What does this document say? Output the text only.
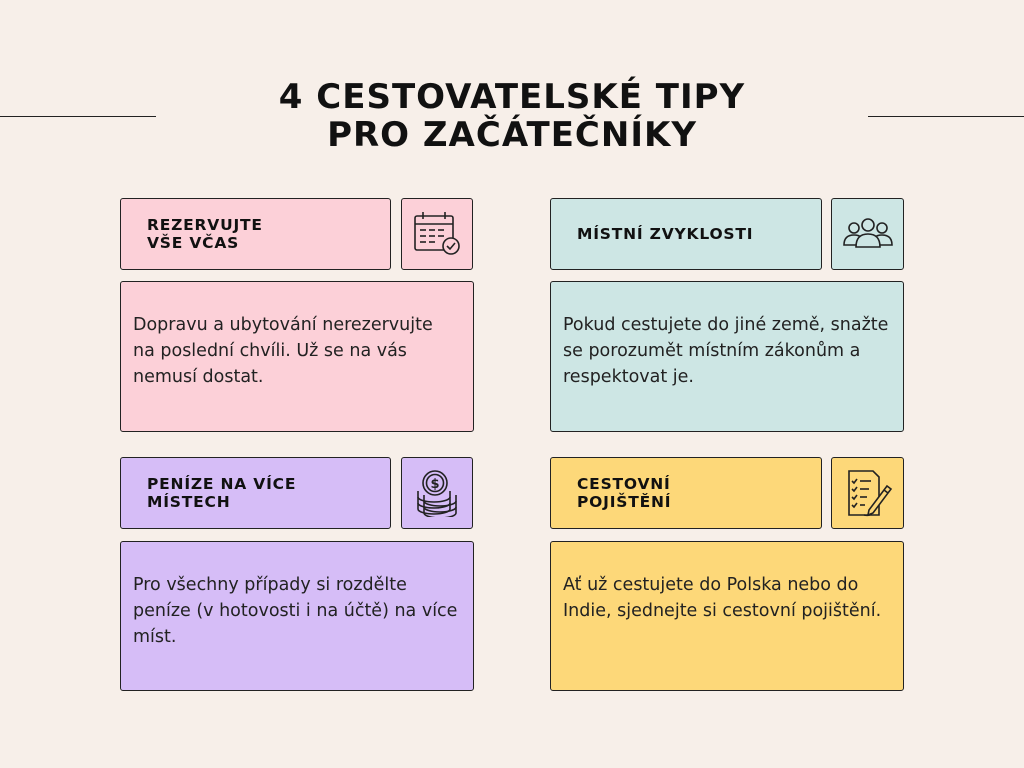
4 CESTOVATELSKÉ TIPY
PRO ZAČÁTEČNÍKY
REZERVUJTE
VŠE VČAS
Dopravu a ubytování nerezervujte na poslední chvíli. Už se na vás nemusí dostat.
MÍSTNÍ ZVYKLOSTI
Pokud cestujete do jiné země, snažte se porozumět místním zákonům a respektovat je.
PENÍZE NA VÍCE
MÍSTECH
$
Pro všechny případy si rozdělte peníze (v hotovosti i na účtě) na více míst.
CESTOVNÍ
POJIŠTĚNÍ
Ať už cestujete do Polska nebo do Indie, sjednejte si cestovní pojištění.
